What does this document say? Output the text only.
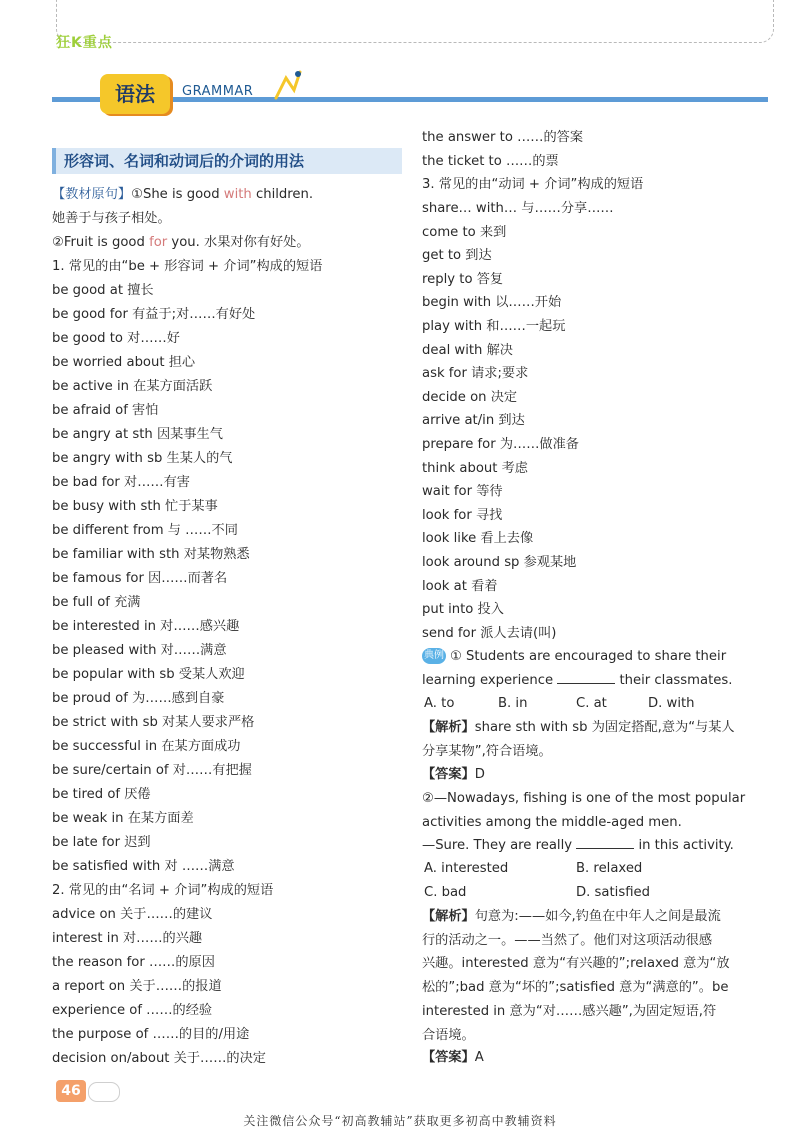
狂K重点
语法	GRAMMAR
形容词、名词和动词后的介词的用法
【教材原句】①She is good with children.
她善于与孩子相处。
②Fruit is good for you. 水果对你有好处。
1. 常见的由“be + 形容词 + 介词”构成的短语
be good at 擅长
be good for 有益于;对……有好处
be good to 对……好
be worried about 担心
be active in 在某方面活跃
be afraid of 害怕
be angry at sth 因某事生气
be angry with sb 生某人的气
be bad for 对……有害
be busy with sth 忙于某事
be different from 与 ……不同
be familiar with sth 对某物熟悉
be famous for 因……而著名
be full of 充满
be interested in 对……感兴趣
be pleased with 对……满意
be popular with sb 受某人欢迎
be proud of 为……感到自豪
be strict with sb 对某人要求严格
be successful in 在某方面成功
be sure/certain of 对……有把握
be tired of 厌倦
be weak in 在某方面差
be late for 迟到
be satisfied with 对 ……满意
2. 常见的由“名词 + 介词”构成的短语
advice on 关于……的建议
interest in 对……的兴趣
the reason for ……的原因
a report on 关于……的报道
experience of ……的经验
the purpose of ……的目的/用途
decision on/about 关于……的决定
the answer to ……的答案
the ticket to ……的票
3. 常见的由“动词 + 介词”构成的短语
share… with… 与……分享……
come to 来到
get to 到达
reply to 答复
begin with 以……开始
play with 和……一起玩
deal with 解决
ask for 请求;要求
decide on 决定
arrive at/in 到达
prepare for 为……做准备
think about 考虑
wait for 等待
look for 寻找
look like 看上去像
look around sp 参观某地
look at 看着
put into 投入
send for 派人去请(叫)
典例 ① Students are encouraged to share their
learning experience	their classmates.
A. to	B. in	C. at	D. with
【解析】share sth with sb 为固定搭配,意为“与某人
分享某物”,符合语境。
【答案】D
②—Nowadays, fishing is one of the most popular
activities among the middle-aged men.
—Sure. They are really	in this activity.
A. interested	B. relaxed
C. bad	D. satisfied
【解析】句意为:——如今,钓鱼在中年人之间是最流
行的活动之一。——当然了。他们对这项活动很感
兴趣。interested 意为“有兴趣的”;relaxed 意为“放
松的”;bad 意为“坏的”;satisfied 意为“满意的”。be
interested in 意为“对……感兴趣”,为固定短语,符
合语境。
【答案】A
46
关注微信公众号“初高教辅站”获取更多初高中教辅资料
